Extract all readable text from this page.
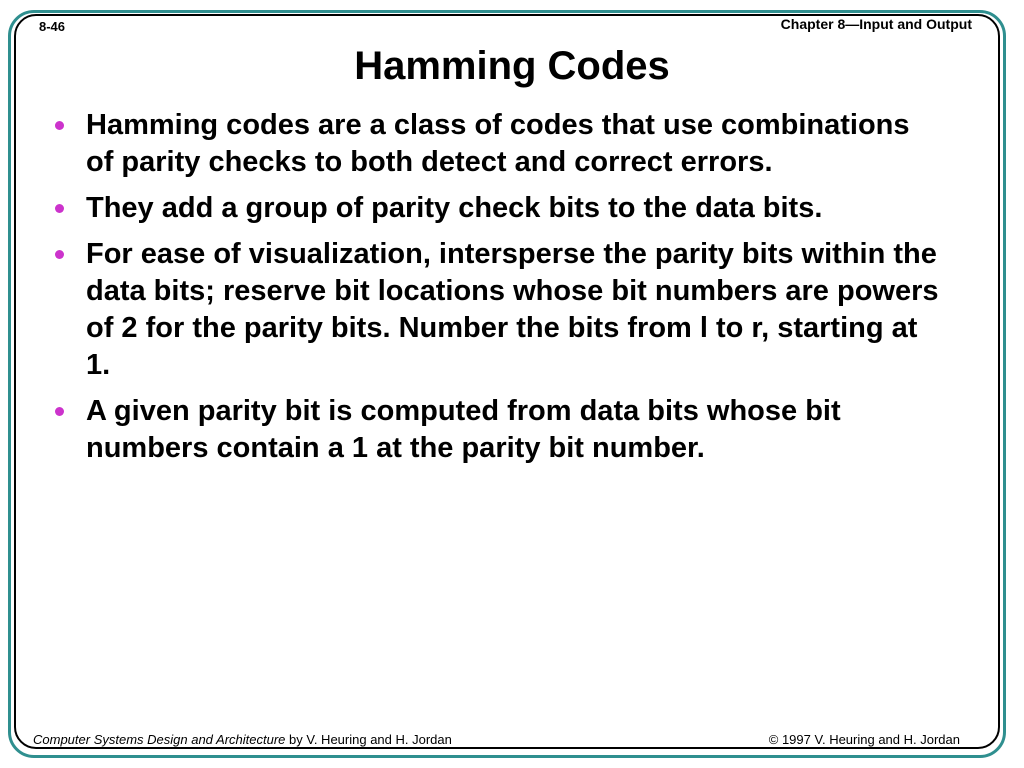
8-46	Chapter 8—Input and Output
Hamming Codes
Hamming codes are a class of codes that use combinations of parity checks to both detect and correct errors.
They add a group of parity check bits to the data bits.
For ease of visualization, intersperse the parity bits within the data bits; reserve bit locations whose bit numbers are powers of 2 for the parity bits. Number the bits from l to r, starting at 1.
A given parity bit is computed from data bits whose bit numbers contain a 1 at the parity bit number.
Computer Systems Design and Architecture by V. Heuring and H. Jordan	© 1997 V. Heuring and H. Jordan
